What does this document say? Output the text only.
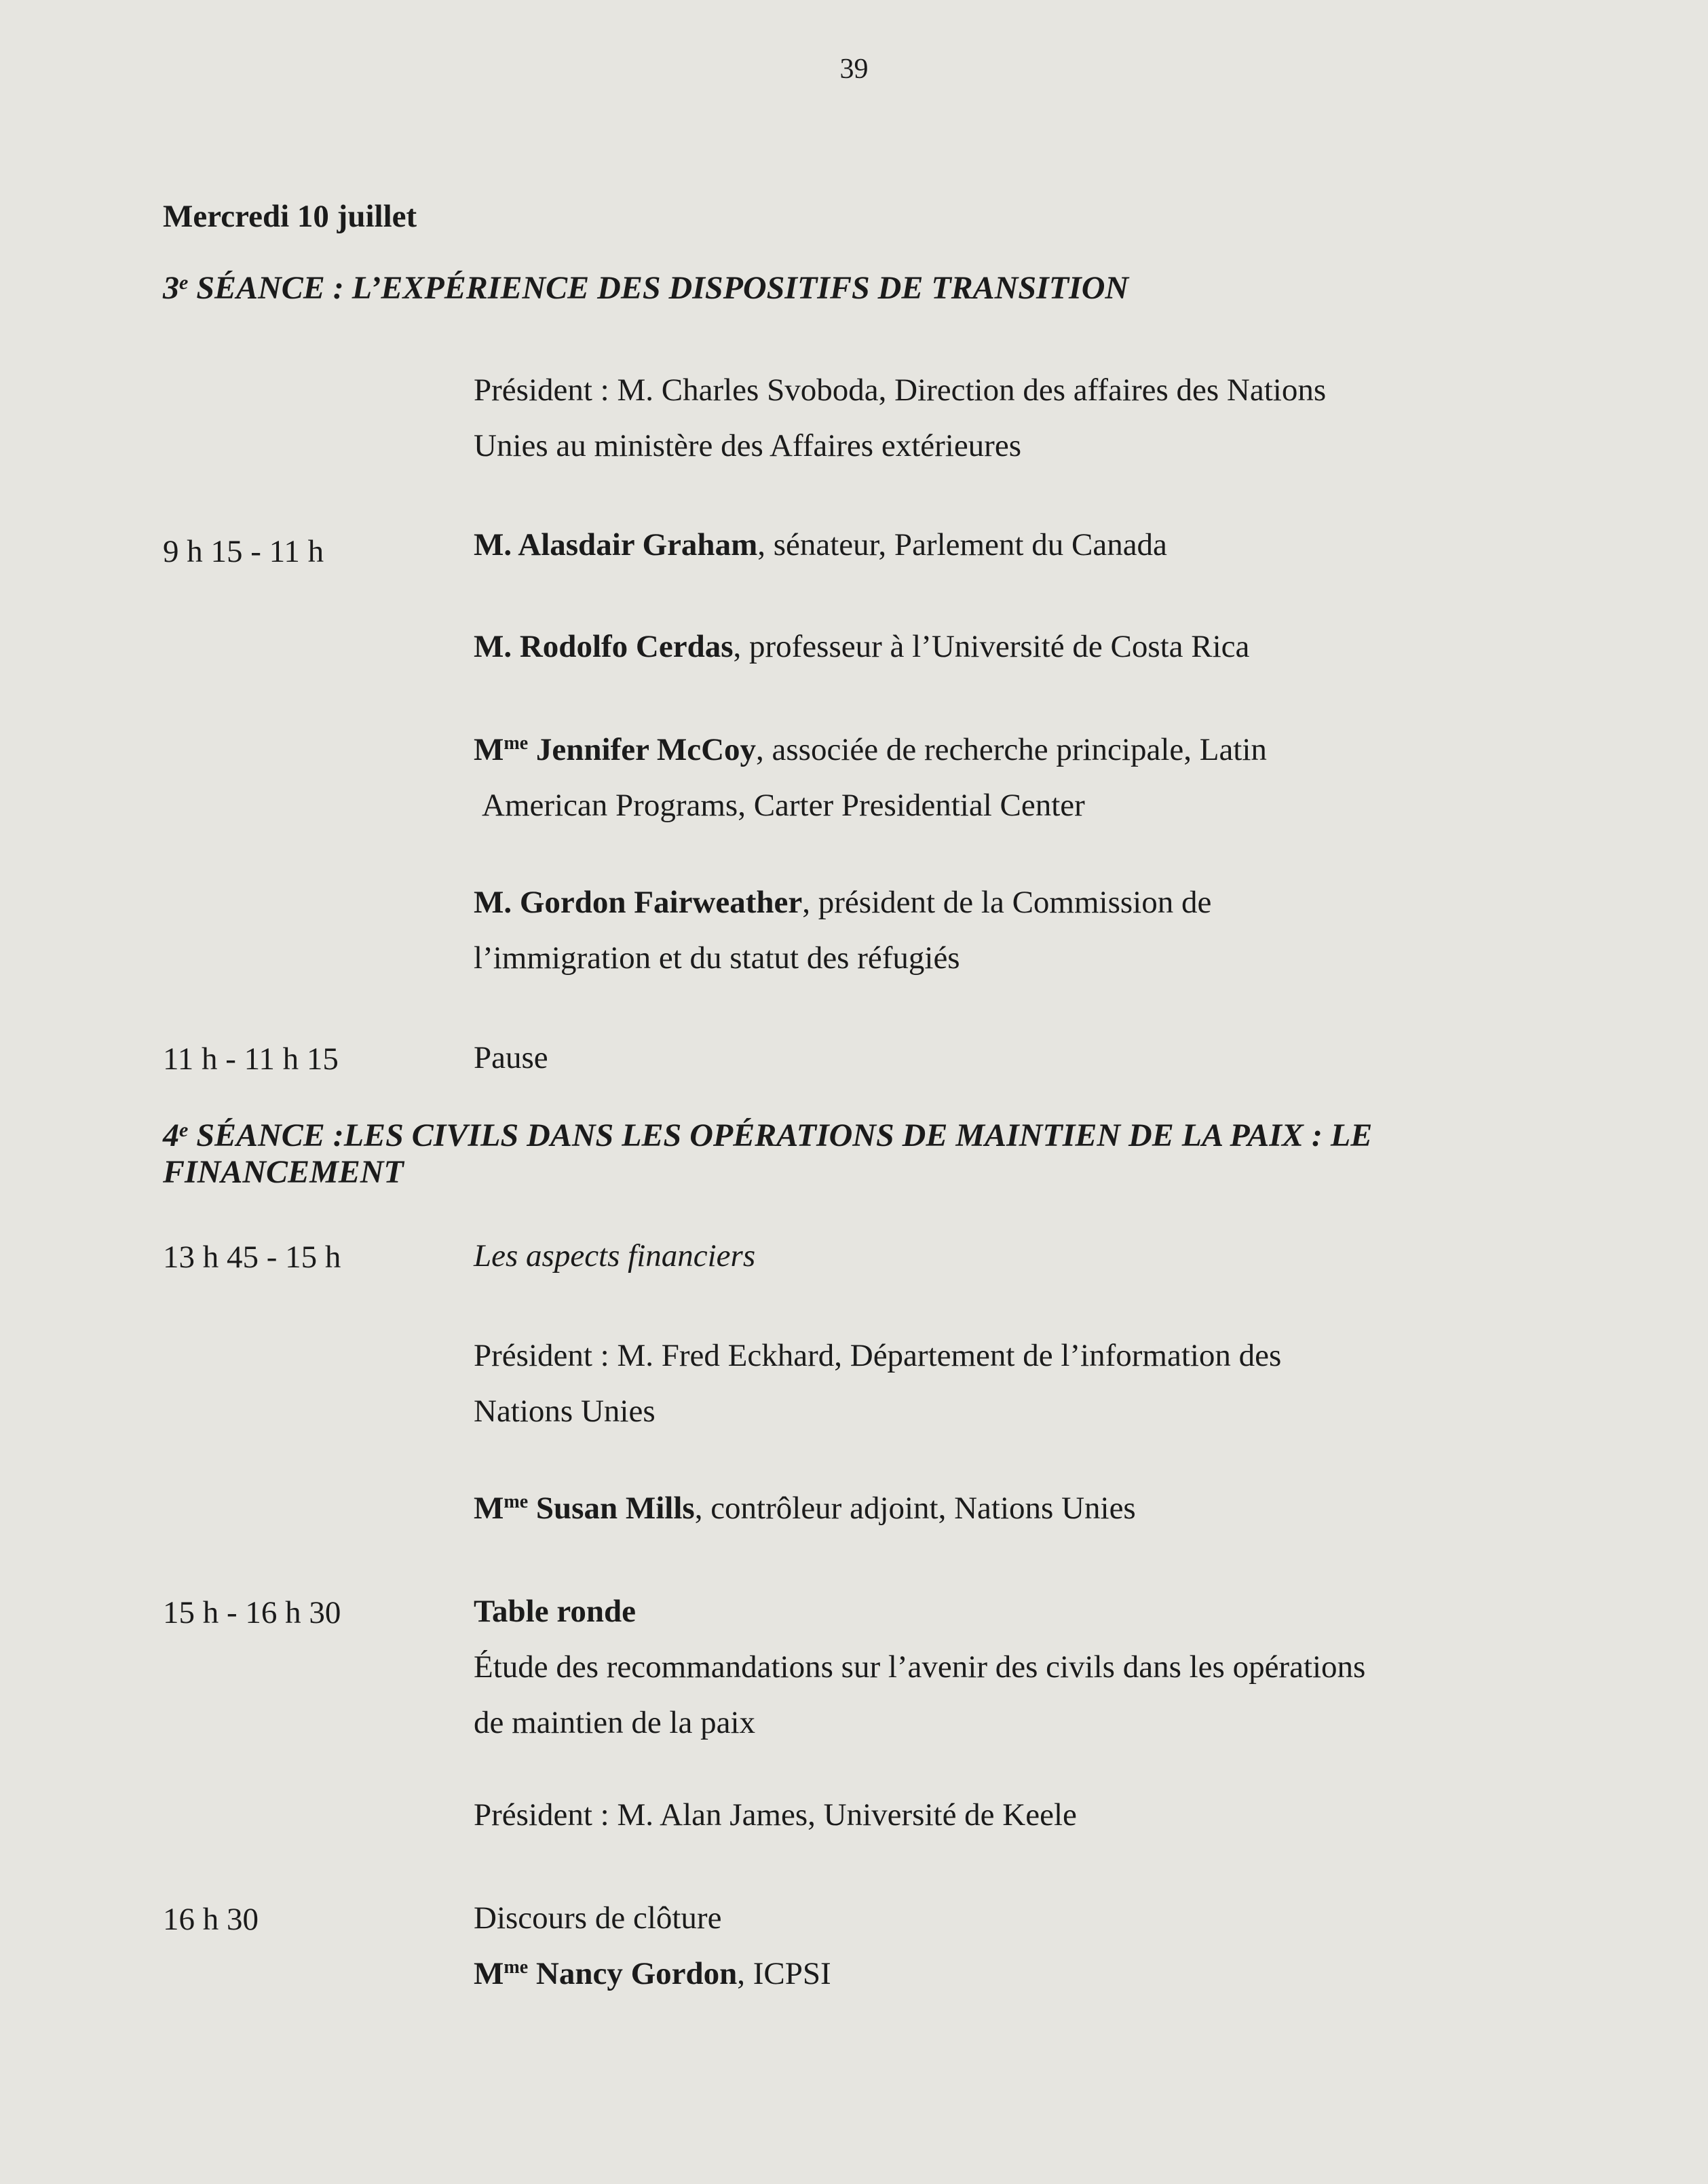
39
Mercredi 10 juillet
3e SÉANCE : L’EXPÉRIENCE DES DISPOSITIFS DE TRANSITION
Président : M. Charles Svoboda, Direction des affaires des Nations
Unies au ministère des Affaires extérieures
9 h 15 - 11 h	M. Alasdair Graham, sénateur, Parlement du Canada
M. Rodolfo Cerdas, professeur à l’Université de Costa Rica
$M^{me}$ Jennifer McCoy, associée de recherche principale, Latin
American Programs, Carter Presidential Center
M. Gordon Fairweather, président de la Commission de
l’immigration et du statut des réfugiés
11 h - 11 h 15	Pause
4e SÉANCE :LES CIVILS DANS LES OPÉRATIONS DE MAINTIEN DE LA PAIX : LE
FINANCEMENT
13 h 45 - 15 h	Les aspects financiers
Président : M. Fred Eckhard, Département de l’information des
Nations Unies
$M^{me}$ Susan Mills, contrôleur adjoint, Nations Unies
15 h - 16 h 30	Table ronde
Étude des recommandations sur l’avenir des civils dans les opérations
de maintien de la paix
Président : M. Alan James, Université de Keele
16 h 30	Discours de clôture
$M^{me}$ Nancy Gordon, ICPSI
